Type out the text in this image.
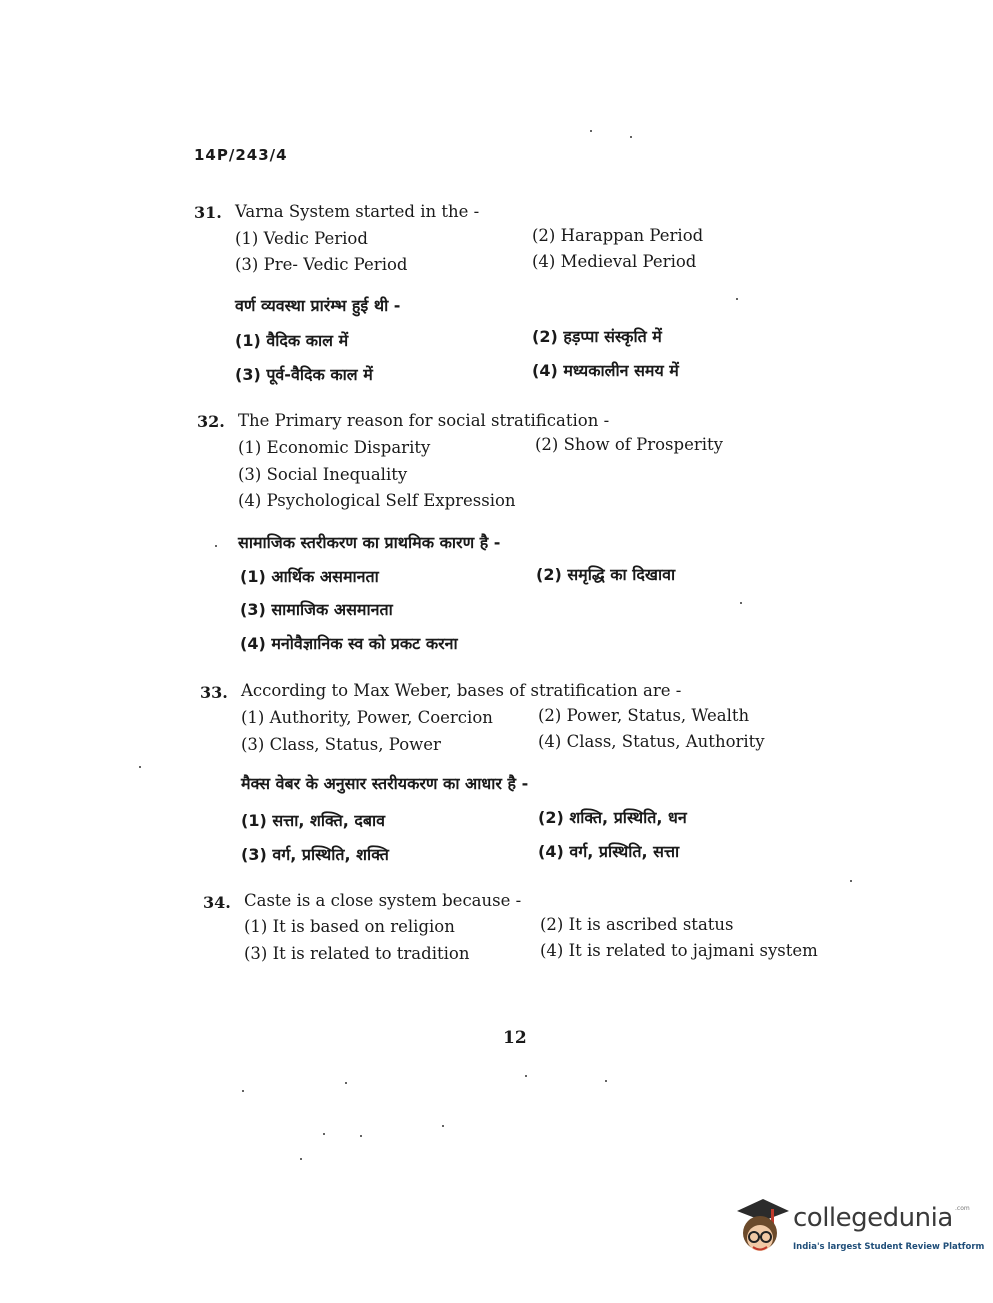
14P/243/4
31. Varna System started in the -
(1) Vedic Period	(2) Harappan Period
(3) Pre- Vedic Period	(4) Medieval Period
वर्ण व्यवस्था प्रारंम्भ हुई थी -
(1) वैदिक काल में	(2) हड़प्पा संस्कृति में
(3) पूर्व-वैदिक काल में	(4) मध्यकालीन समय में
32. The Primary reason for social stratification -
(1) Economic Disparity	(2) Show of Prosperity
(3) Social Inequality
(4) Psychological Self Expression
सामाजिक स्तरीकरण का प्राथमिक कारण है -
(1) आर्थिक असमानता	(2) समृद्धि का दिखावा
(3) सामाजिक असमानता
(4) मनोवैज्ञानिक स्व को प्रकट करना
33. According to Max Weber, bases of stratification are -
(1) Authority, Power, Coercion	(2) Power, Status, Wealth
(3) Class, Status, Power	(4) Class, Status, Authority
मैक्स वेबर के अनुसार स्तरीयकरण का आधार है -
(1) सत्ता, शक्ति, दबाव	(2) शक्ति, प्रस्थिति, धन
(3) वर्ग, प्रस्थिति, शक्ति	(4) वर्ग, प्रस्थिति, सत्ता
34. Caste is a close system because -
(1) It is based on religion	(2) It is ascribed status
(3) It is related to tradition	(4) It is related to jajmani system
12
collegedunia .com
India's largest Student Review Platform
